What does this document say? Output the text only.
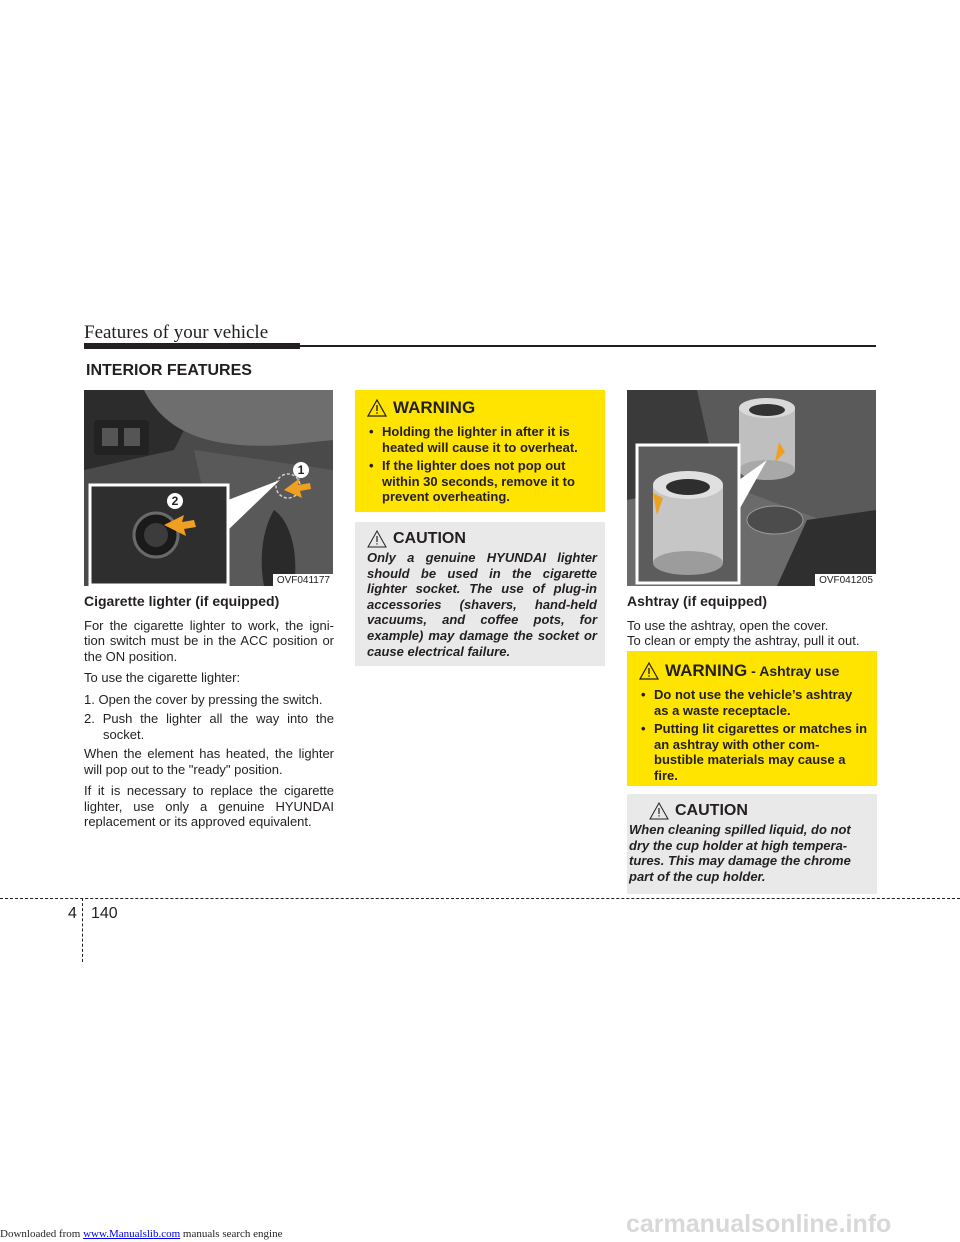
Features of your vehicle
INTERIOR FEATURES
1
2
OVF041177
Cigarette lighter (if equipped)

For the cigarette lighter to work, the igni-tion switch must be in the ACC position or the ON position.

To use the cigarette lighter:

1. Open the cover by pressing the switch.

2. Push the lighter all the way into the socket.

When the element has heated, the lighter will pop out to the "ready" position.

If it is necessary to replace the cigarette lighter, use only a genuine HYUNDAI replacement or its approved equivalent.

WARNING
• Holding the lighter in after it is heated will cause it to overheat.
• If the lighter does not pop out within 30 seconds, remove it to prevent overheating.
CAUTION
Only a genuine HYUNDAI lighter should be used in the cigarette lighter socket. The use of plug-in accessories (shavers, hand-held vacuums, and coffee pots, for example) may damage the socket or cause electrical failure.
OVF041205
Ashtray (if equipped)
To use the ashtray, open the cover.
To clean or empty the ashtray, pull it out.
WARNING - Ashtray use
• Do not use the vehicle’s ashtray as a waste receptacle.
• Putting lit cigarettes or matches in an ashtray with other com-bustible materials may cause a fire.
CAUTION
When cleaning spilled liquid, do not dry the cup holder at high tempera-tures. This may damage the chrome part of the cup holder.
4 140
carmanualsonline.info
Downloaded from www.Manualslib.com manuals search engine
